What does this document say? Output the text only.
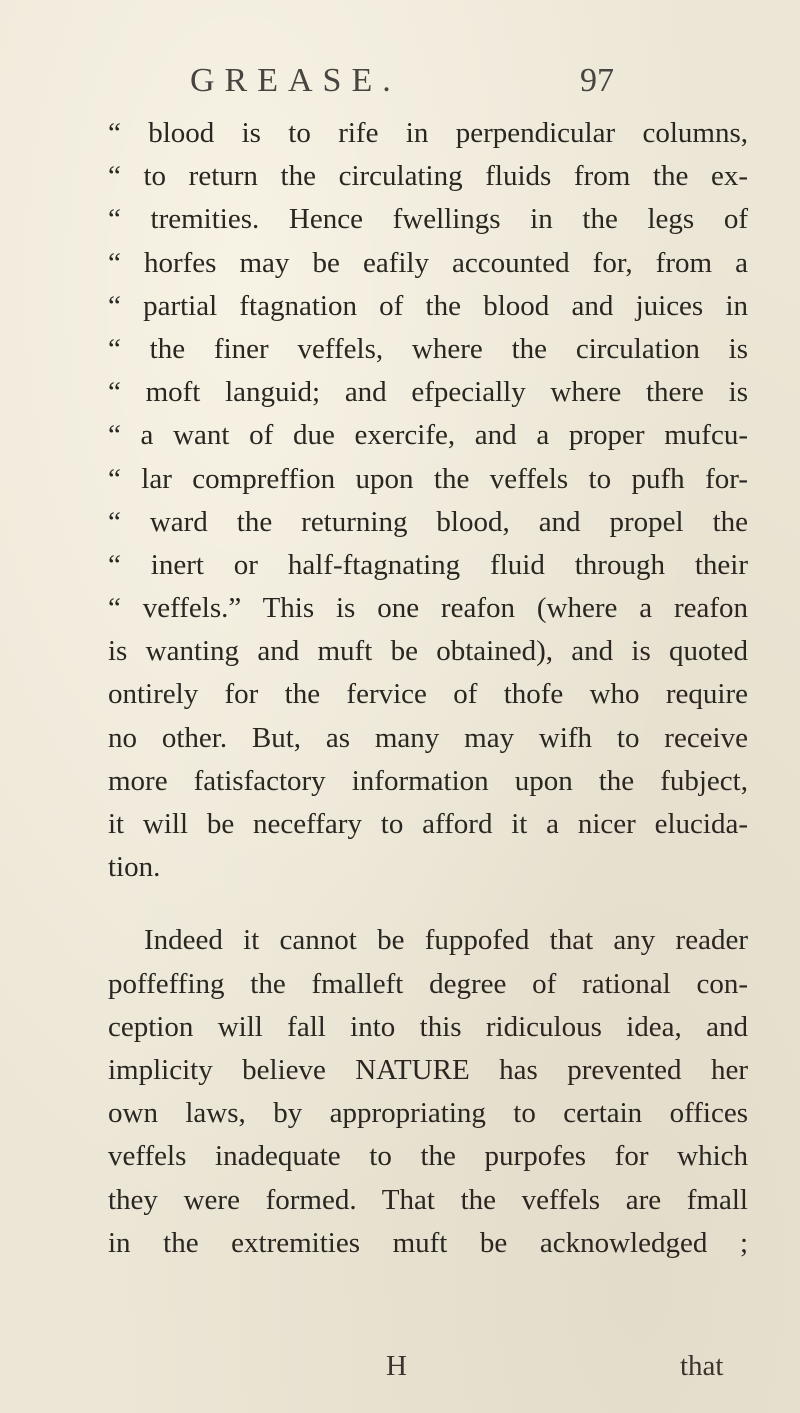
GREASE.	97
“ blood is to rife in perpendicular columns,
“ to return the circulating fluids from the ex-
“ tremities. Hence fwellings in the legs of
“ horfes may be eafily accounted for, from a
“ partial ftagnation of the blood and juices in
“ the finer veffels, where the circulation is
“ moft languid; and efpecially where there is
“ a want of due exercife, and a proper mufcu-
“ lar compreffion upon the veffels to pufh for-
“ ward the returning blood, and propel the
“ inert or half-ftagnating fluid through their
“ veffels.” This is one reafon (where a reafon
is wanting and muft be obtained), and is quoted
ontirely for the fervice of thofe who require
no other. But, as many may wifh to receive
more fatisfactory information upon the fubject,
it will be neceffary to afford it a nicer elucida-
tion.
Indeed it cannot be fuppofed that any reader
poffeffing the fmalleft degree of rational con-
ception will fall into this ridiculous idea, and
implicity believe NATURE has prevented her
own laws, by appropriating to certain offices
veffels inadequate to the purpofes for which
they were formed. That the veffels are fmall
in the extremities muft be acknowledged ;
H	that
